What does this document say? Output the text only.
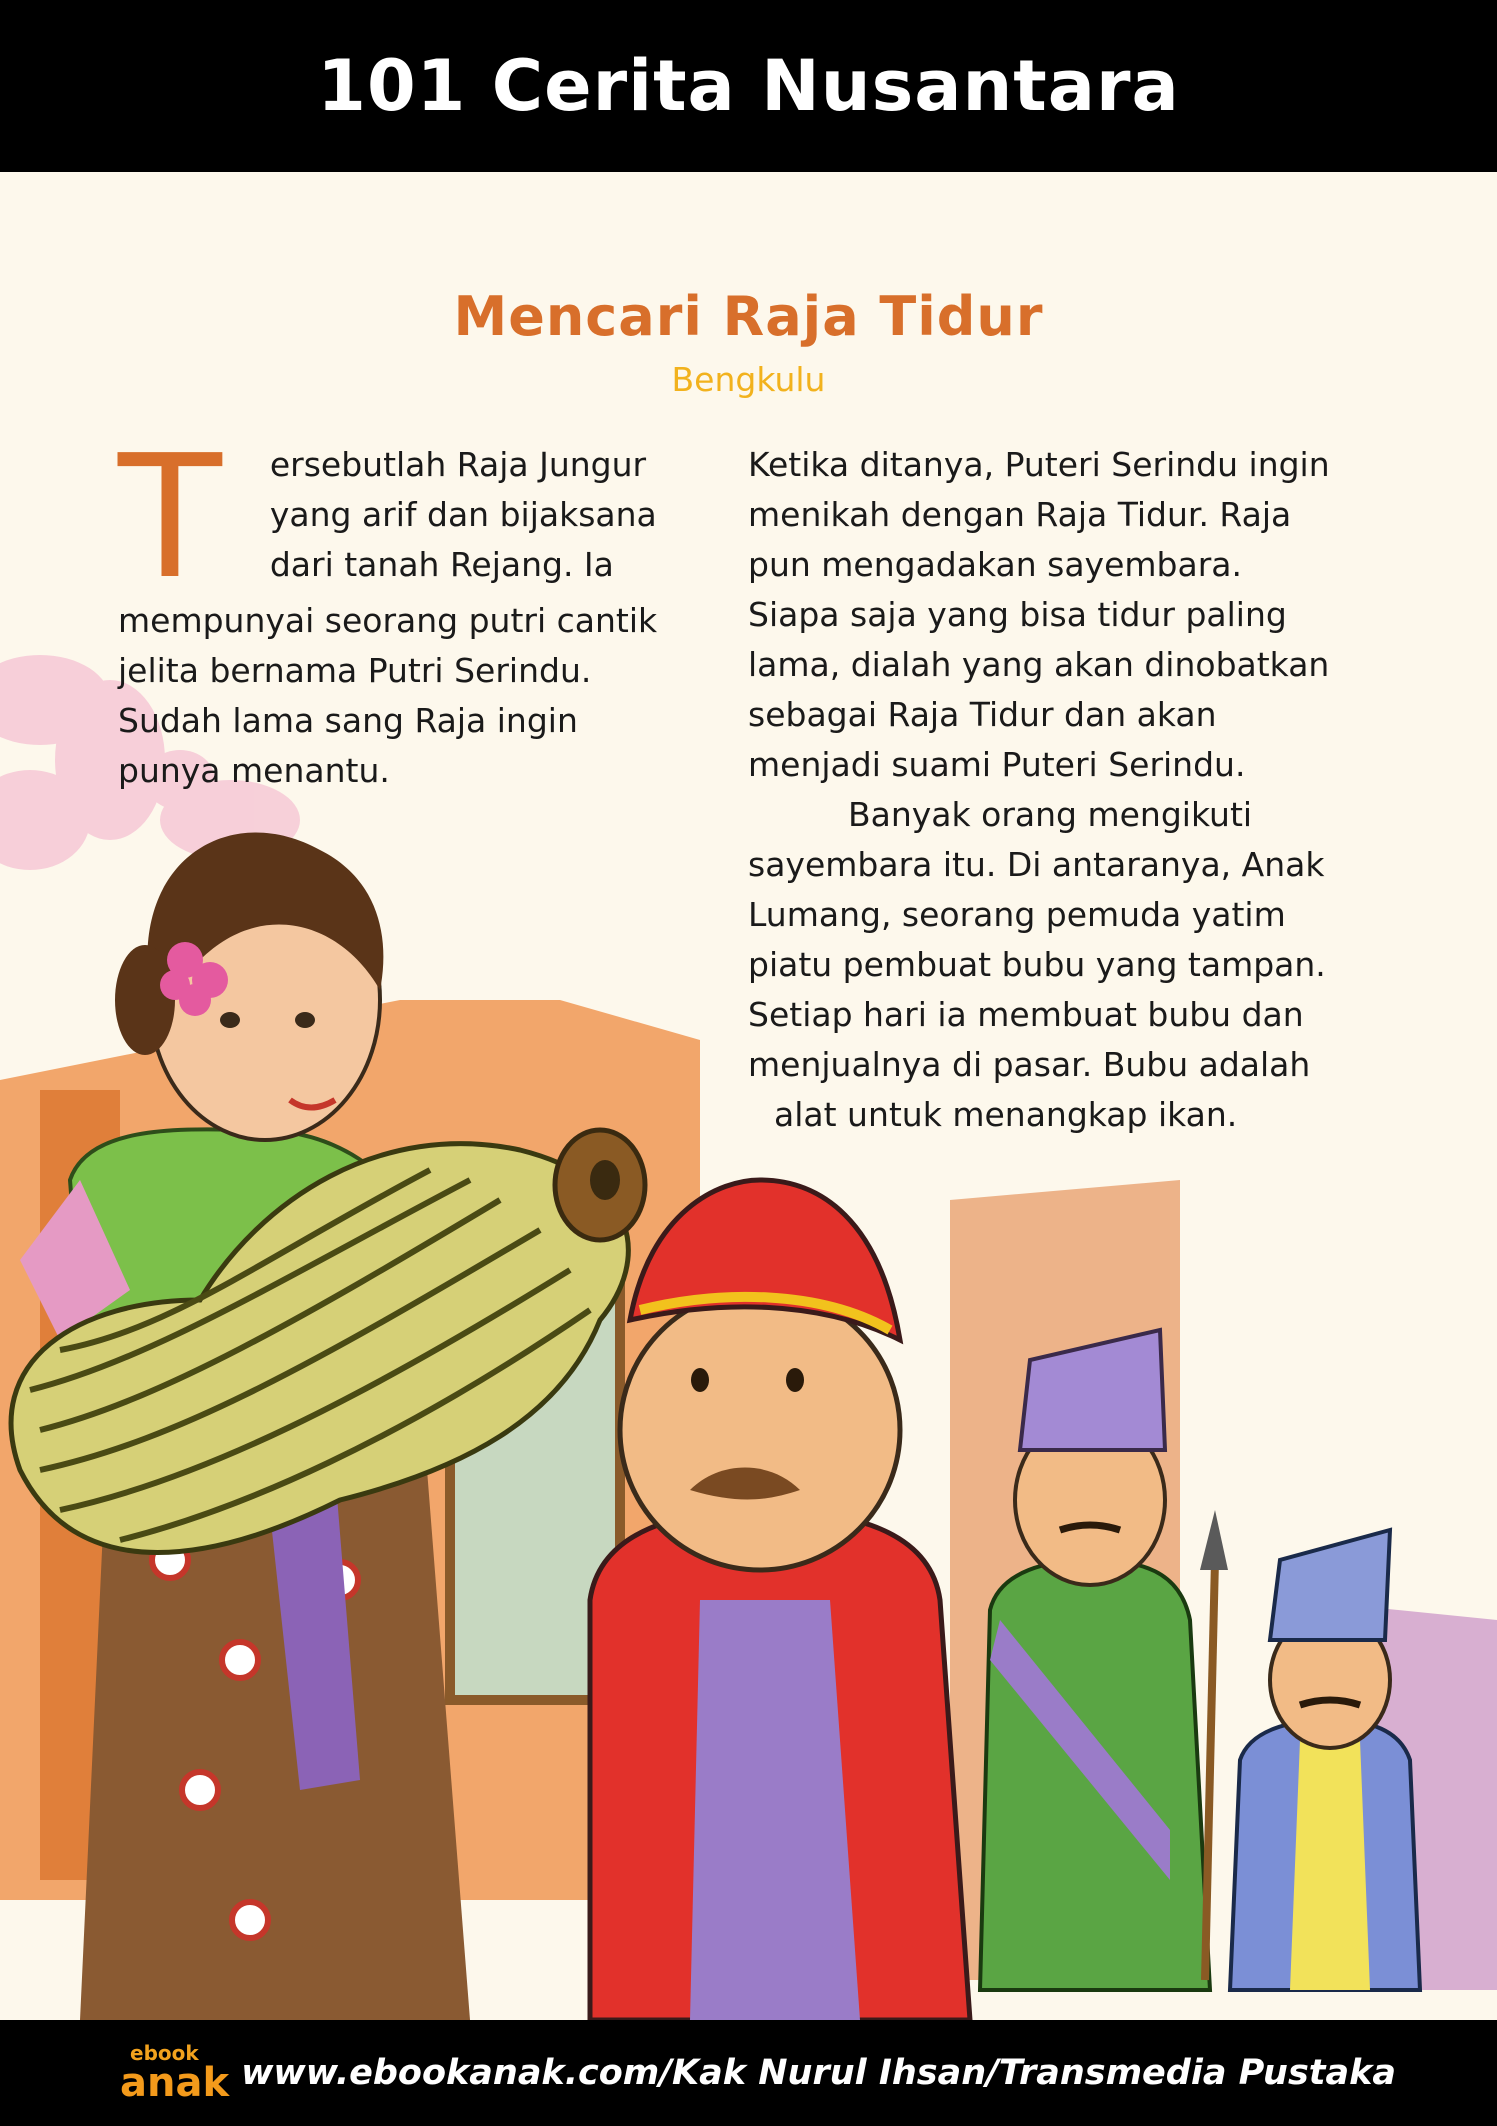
101 Cerita Nusantara
Mencari Raja Tidur
Bengkulu
T	ersebutlah Raja Jungur
yang arif dan bijaksana
dari tanah Rejang. Ia
mempunyai seorang putri cantik
jelita bernama Putri Serindu.
Sudah lama sang Raja ingin
punya menantu.
Ketika ditanya, Puteri Serindu ingin
menikah dengan Raja Tidur. Raja
pun mengadakan sayembara.
Siapa saja yang bisa tidur paling
lama, dialah yang akan dinobatkan
sebagai Raja Tidur dan akan
menjadi suami Puteri Serindu.
Banyak orang mengikuti
sayembara itu. Di antaranya, Anak
Lumang, seorang pemuda yatim
piatu pembuat bubu yang tampan.
Setiap hari ia membuat bubu dan
menjualnya di pasar. Bubu adalah
alat untuk menangkap ikan.
ebook
anak www.ebookanak.com/Kak Nurul Ihsan/Transmedia Pustaka
